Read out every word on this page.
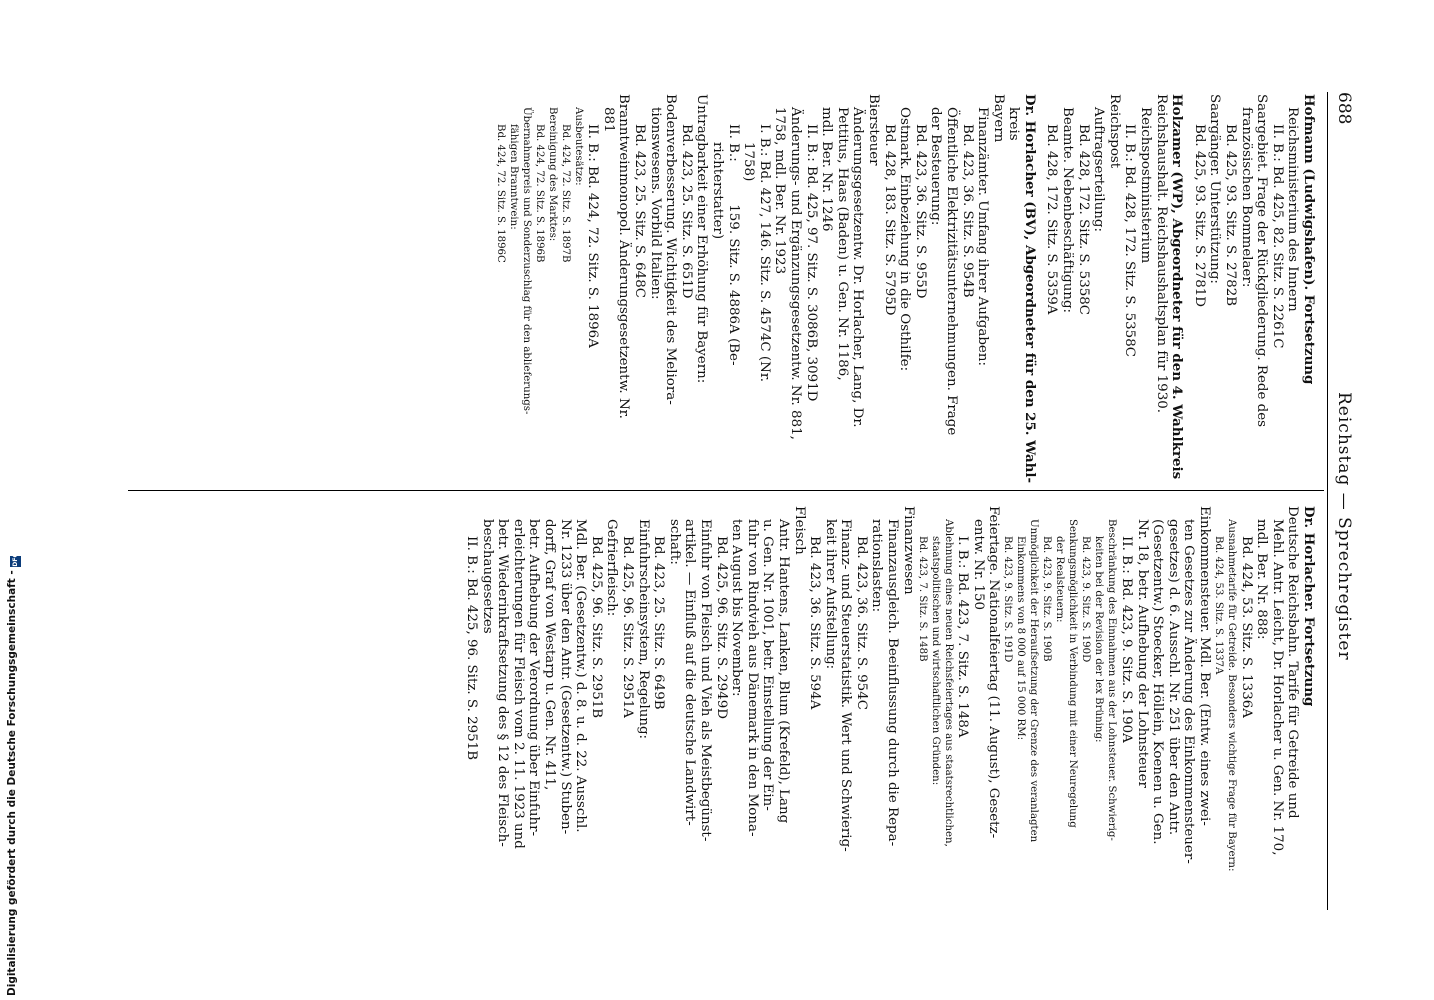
688
Reichstag — Sprechregister
Hofmann (Ludwigshafen). Fortsetzung
Reichsministerium des Innern
II. B.: Bd. 425, 82. Sitz. S. 2261C
Saargebiet. Frage der Rückgliederung. Rede des
französischen Bommelaer:
Bd. 425, 93. Sitz. S. 2782B
Saargänger. Unterstützung:
Bd. 425, 93. Sitz. S. 2781D
Holzamer (WP), Abgeordneter für den 4. Wahlkreis
Reichshaushalt. Reichshaushaltsplan für 1930.
Reichspostministerium
II. B.: Bd. 428, 172. Sitz. S. 5358C
Reichspost
Auftragserteilung:
Bd. 428, 172. Sitz. S. 5358C
Beamte. Nebenbeschäftigung:
Bd. 428, 172. Sitz. S. 5359A
Dr. Horlacher (BV), Abgeordneter für den 25. Wahl-
kreis
Bayern
Finanzämter. Umfang ihrer Aufgaben:
Bd. 423, 36. Sitz. S. 954B
Öffentliche Elektrizitätsunternehmungen. Frage
der Besteuerung:
Bd. 423, 36. Sitz. S. 955D
Ostmark. Einbeziehung in die Osthilfe:
Bd. 428, 183. Sitz. S. 5795D
Biersteuer
Änderungsgesetzentw. Dr. Horlacher, Lang, Dr.
Pettitus, Haas (Baden) u. Gen. Nr. 1186,
mdl. Ber. Nr. 1246
II. B.: Bd. 425, 97. Sitz. S. 3086B, 3091D
Änderungs- und Ergänzungsgesetzentw. Nr. 881,
1758, mdl. Ber. Nr. 1923
I. B.: Bd. 427, 146. Sitz. S. 4574C (Nr.
1758)
II. B.:          159. Sitz. S. 4886A (Be-
richterstatter)
Untragbarkeit einer Erhöhung für Bayern:
Bd. 423, 25. Sitz. S. 651D
Bodenverbesserung. Wichtigkeit des Meliora-
tionswesens. Vorbild Italien:
Bd. 423, 25. Sitz. S. 648C
Branntweinmonopol. Änderungsgesetzentw. Nr.
881
II. B.: Bd. 424, 72. Sitz. S. 1896A
Ausbeutesätze:
Bd. 424, 72. Sitz. S. 1897B
Bereinigung des Marktes:
Bd. 424, 72. Sitz. S. 1896B
Übernahmepreis und Sonderzuschlag für den ablieferungs-
fähigen Branntwein:
Bd. 424, 72. Sitz. S. 1896C
Dr. Horlacher. Fortsetzung
Deutsche Reichsbahn. Tarife für Getreide und
Mehl. Antr. Leicht, Dr. Horlacher u. Gen. Nr. 170,
mdl. Ber. Nr. 888:
Bd. 424, 53. Sitz. S. 1336A
Ausnahmetarife für Getreide. Besonders wichtige Frage für Bayern:
Bd. 424, 53. Sitz. S. 1337A
Einkommensteuer. Mdl. Ber. (Entw. eines zwei-
ten Gesetzes zur Änderung des Einkommensteuer-
gesetzes) d. 6. Ausschl. Nr. 251 über den Antr.
(Gesetzentw.) Stoecker, Höllein, Koenen u. Gen.
Nr. 18, betr. Aufhebung der Lohnsteuer
II. B.: Bd. 423, 9. Sitz. S. 190A
Beschränkung des Einnahmen aus der Lohnsteuer. Schwierig-
keiten bei der Revision der lex Brüning:
Bd. 423, 9. Sitz. S. 190D
Senkungsmöglichkeit in Verbindung mit einer Neuregelung
der Realsteuern:
Bd. 423, 9. Sitz. S. 190B
Unmöglichkeit der Heraufsetzung der Grenze des veranlagten
Einkommens von 8 000 auf 15 000 RM:
Bd. 423, 9. Sitz. S. 191D
Feiertage. Nationalfeiertag (11. August), Gesetz-
entw. Nr. 150
I. B.: Bd. 423, 7. Sitz. S. 148A
Ablehnung eines neuen Reichsfeiertages aus staatsrechtlichen,
staatspolitischen und wirtschaftlichen Gründen:
Bd. 423, 7. Sitz. S. 148B
Finanzwesen
Finanzausgleich. Beeinflussung durch die Repa-
rationslasten:
Bd. 423, 36. Sitz. S. 954C
Finanz- und Steuerstatistik. Wert und Schwierig-
keit ihrer Aufstellung:
Bd. 423, 36. Sitz. S. 594A
Fleisch
Antr. Hantens, Lanken, Blum (Krefeld), Lang
u. Gen. Nr. 1001, betr. Einstellung der Ein-
fuhr von Rindvieh aus Dänemark in den Mona-
ten August bis November:
Bd. 425, 96. Sitz. S. 2949D
Einfuhr von Fleisch und Vieh als Meistbegünst-
artikel. — Einfluß auf die deutsche Landwirt-
schaft:
Bd. 423, 25. Sitz. S. 649B
Einfuhrscheinsystem, Regelung:
Bd. 425, 96. Sitz. S. 2951A
Gefrierfleisch:
Bd. 425, 96. Sitz. S. 2951B
Mdl. Ber. (Gesetzentw.) d. 8. u. d. 22. Ausschl.
Nr. 1233 über den Antr. (Gesetzentw.) Stuben-
dorff, Graf von Westarp u. Gen. Nr. 411,
betr. Aufhebung der Verordnung über Einfuhr-
erleichterungen für Fleisch vom 2. 11. 1923 und
betr. Wiederinkraftsetzung des § 12 des Fleisch-
beschaugesetzes
II. B.: Bd. 425, 96. Sitz. S. 2951B
Digitalisierung gefördert durch die Deutsche Forschungsgemeinschaft - DFG
